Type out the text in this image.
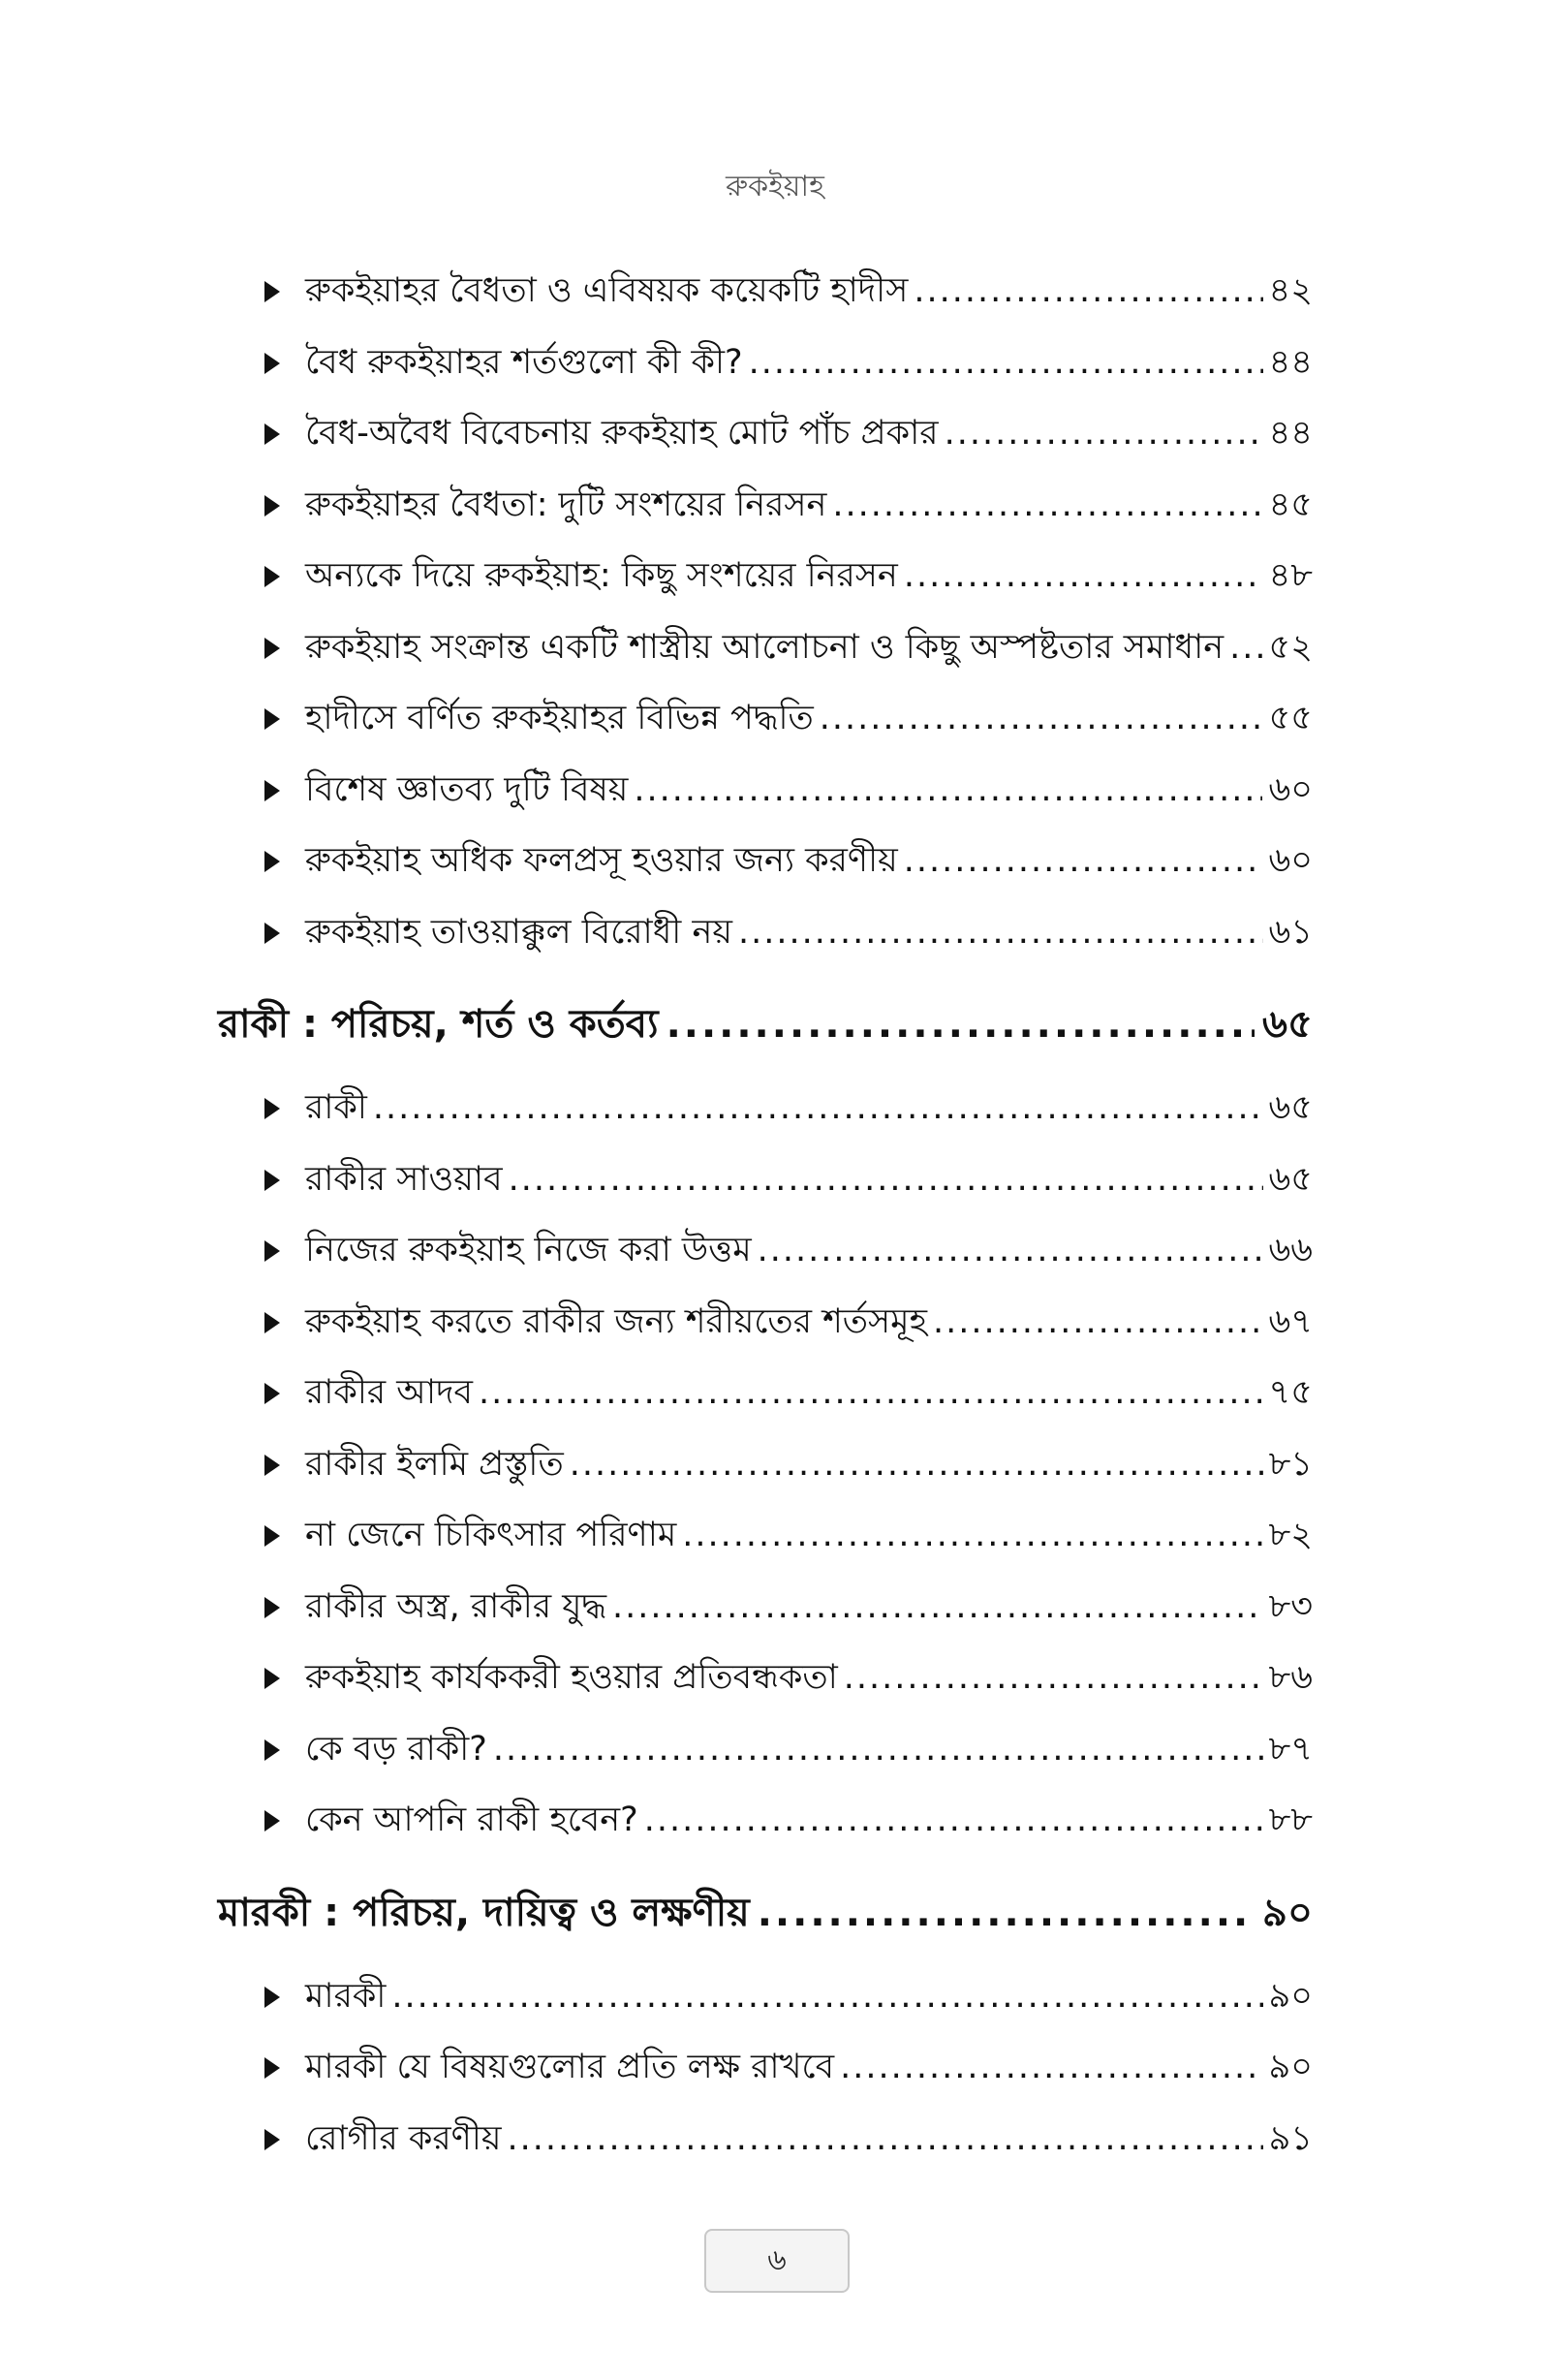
রুকইয়াহ
রুকইয়াহর বৈধতা ও এবিষয়ক কয়েকটি হাদীস .....	৪২
বৈধ রুকইয়াহর শর্তগুলো কী কী? .....	৪৪
বৈধ-অবৈধ বিবেচনায় রুকইয়াহ মোট পাঁচ প্রকার .....	৪৪
রুকইয়াহর বৈধতা: দুটি সংশয়ের নিরসন .....	৪৫
অন্যকে দিয়ে রুকইয়াহ: কিছু সংশয়ের নিরসন .....	৪৮
রুকইয়াহ সংক্রান্ত একটি শাস্ত্রীয় আলোচনা ও কিছু অস্পষ্টতার সমাধান ..... ৫২
হাদীসে বর্ণিত রুকইয়াহর বিভিন্ন পদ্ধতি .....	৫৫
বিশেষ জ্ঞাতব্য দুটি বিষয় .....	৬০
রুকইয়াহ অধিক ফলপ্রসূ হওয়ার জন্য করণীয় .....	৬০
রুকইয়াহ তাওয়াক্কুল বিরোধী নয় .....	৬১
রাকী : পরিচয়, শর্ত ও কর্তব্য .....	৬৫
রাকী .....	৬৫
রাকীর সাওয়াব .....	৬৫
নিজের রুকইয়াহ নিজে করা উত্তম .....	৬৬
রুকইয়াহ করতে রাকীর জন্য শরীয়তের শর্তসমূহ .....	৬৭
রাকীর আদব .....	৭৫
রাকীর ইলমি প্রস্তুতি .....	৮১
না জেনে চিকিৎসার পরিণাম .....	৮২
রাকীর অস্ত্র, রাকীর যুদ্ধ .....	৮৩
রুকইয়াহ কার্যককরী হওয়ার প্রতিবন্ধকতা .....	৮৬
কে বড় রাকী? .....	৮৭
কেন আপনি রাকী হবেন? .....	৮৮
মারকী : পরিচয়, দায়িত্ব ও লক্ষণীয় .....	৯০
মারকী .....	৯০
মারকী যে বিষয়গুলোর প্রতি লক্ষ রাখবে .....	৯০
রোগীর করণীয় .....	৯১
৬
